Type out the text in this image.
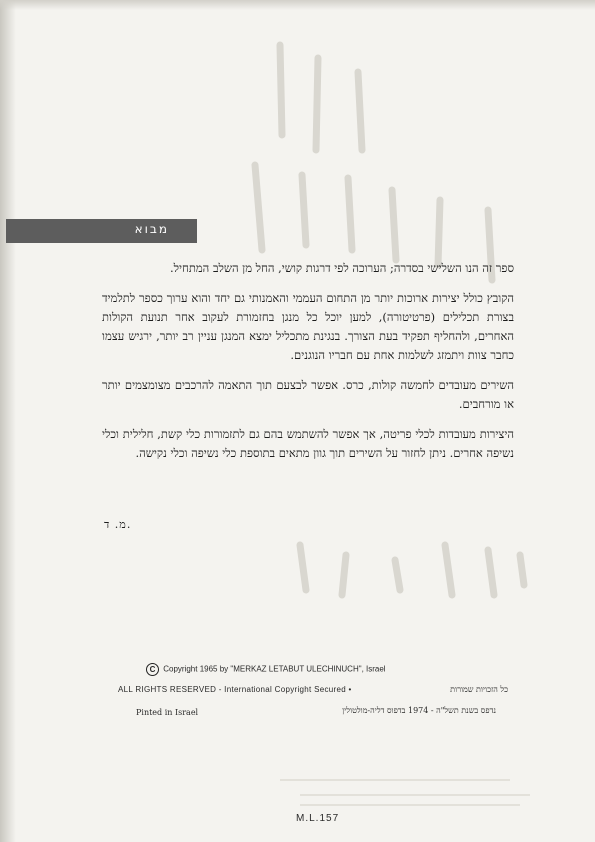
מבוא

ספר זה הנו השלישי בסדרה; הערוכה לפי דרגות קושי, החל מן השלב המתחיל.

הקובץ כולל יצירות ארוכות יותר מן התחום העממי והאמנותי גם יחד והוא ערוך כספר לתלמיד בצורת תכלילים (פרטיטורה), למען יוכל כל מנגן בחזמורת לעקוב אחר תנועת הקולות האחרים, ולהחליף תפקיד בעת הצורך. בנגינת מתכליל ימצא המנגן עניין רב יותר, ירגיש עצמו כחבר צוות ויתמזג לשלמות אחת עם חבריו הנוגנים.

השירים מעובדים לחמשה קולות, כרס. אפשר לבצעם תוך התאמה להרכבים מצומצמים יותר או מורחבים.

היצירות מעובדות לכלי פריטה, אך אפשר להשתמש בהם גם לתזמורות כלי קשת, חלילית וכלי נשיפה אחרים. ניתן לחזור על השירים תוך גוון מתאים בתוספת כלי נשיפה וכלי נקישה.

מ. ד.
C Copyright 1965 by "MERKAZ LETABUT ULECHINUCH", Israel
ALL RIGHTS RESERVED - International Copyright Secured •	כל הזכויות שמורות
Pinted in Israel	נדפס בשנת תשל"ה - 1974 בדפוס דליה-מולטולין
M.L.157
